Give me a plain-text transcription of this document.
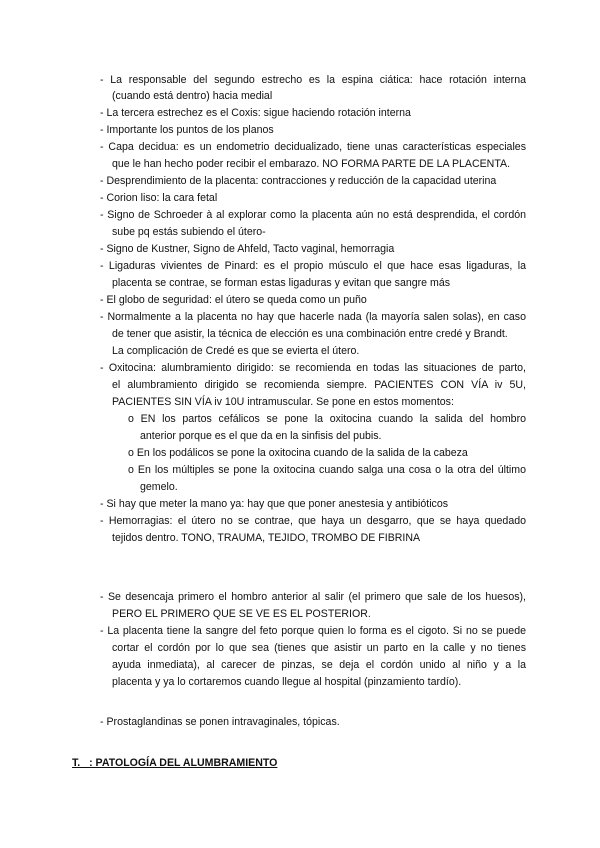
- La responsable del segundo estrecho es la espina ciática: hace rotación interna
(cuando está dentro) hacia medial
- La tercera estrechez es el Coxis: sigue haciendo rotación interna
- Importante los puntos de los planos
- Capa decidua: es un endometrio decidualizado, tiene unas características especiales
que le han hecho poder recibir el embarazo. NO FORMA PARTE DE LA PLACENTA.
- Desprendimiento de la placenta: contracciones y reducción de la capacidad uterina
- Corion liso: la cara fetal
- Signo de Schroeder à al explorar como la placenta aún no está desprendida, el cordón
sube pq estás subiendo el útero-
- Signo de Kustner, Signo de Ahfeld, Tacto vaginal, hemorragia
- Ligaduras vivientes de Pinard: es el propio músculo el que hace esas ligaduras, la
placenta se contrae, se forman estas ligaduras y evitan que sangre más
- El globo de seguridad: el útero se queda como un puño
- Normalmente a la placenta no hay que hacerle nada (la mayoría salen solas), en caso
de tener que asistir, la técnica de elección es una combinación entre credé y Brandt.
La complicación de Credé es que se evierta el útero.
- Oxitocina: alumbramiento dirigido: se recomienda en todas las situaciones de parto,
el alumbramiento dirigido se recomienda siempre. PACIENTES CON VÍA iv 5U,
PACIENTES SIN VÍA iv 10U intramuscular. Se pone en estos momentos:
o EN los partos cefálicos se pone la oxitocina cuando la salida del hombro
anterior porque es el que da en la sinfisis del pubis.
o En los podálicos se pone la oxitocina cuando de la salida de la cabeza
o En los múltiples se pone la oxitocina cuando salga una cosa o la otra del último
gemelo.
- Si hay que meter la mano ya: hay que que poner anestesia y antibióticos
- Hemorragias: el útero no se contrae, que haya un desgarro, que se haya quedado
tejidos dentro. TONO, TRAUMA, TEJIDO, TROMBO DE FIBRINA
- Se desencaja primero el hombro anterior al salir (el primero que sale de los huesos),
PERO EL PRIMERO QUE SE VE ES EL POSTERIOR.
- La placenta tiene la sangre del feto porque quien lo forma es el cigoto. Si no se puede
cortar el cordón por lo que sea (tienes que asistir un parto en la calle y no tienes
ayuda inmediata), al carecer de pinzas, se deja el cordón unido al niño y a la
placenta y ya lo cortaremos cuando llegue al hospital (pinzamiento tardío).
- Prostaglandinas se ponen intravaginales, tópicas.
T._ : PATOLOGÍA DEL ALUMBRAMIENTO
